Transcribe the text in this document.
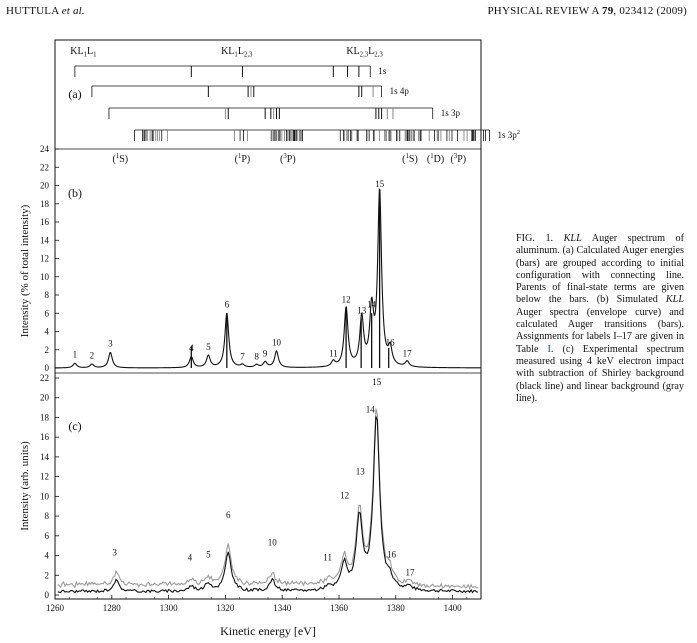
HUTTULA et al.	PHYSICAL REVIEW A 79, 023412 (2009)
(a)
$KL_1L_1$	$KL_1L_{2,3}$	$KL_{2,3}L_{2,3}$
1s
1s 4p
1s 3p
1s $3p^2$
($^1$S)	($^1$P)	($^3$P)	($^1$S) ($^1$D) ($^3$P)
0
2
4
6
8
10
12
14
16
18
20
22
24
(b)
Intensity (% of total intensity)
1 2
3	4 5
6
7 8 9
10
11
12
13
14
15
16
17
0
2
4
6
8
10
12
14
16
18
20
22
(c)
Intensity (arb. units)
3	4 5
6
10
11
12
13
14
15
16
17
1260	1280	1300	1320	1340	1360	1380	1400
Kinetic energy [eV]
FIG. 1. KLL Auger spectrum of aluminum. (a) Calculated Auger energies (bars) are grouped according to initial configuration with connecting line. Parents of final-state terms are given below the bars. (b) Simulated KLL Auger spectra (envelope curve) and calculated Auger transitions (bars). Assignments for labels I–17 are given in Table I. (c) Experimental spectrum measured using 4 keV electron impact with subtraction of Shirley background (black line) and linear background (gray line).
